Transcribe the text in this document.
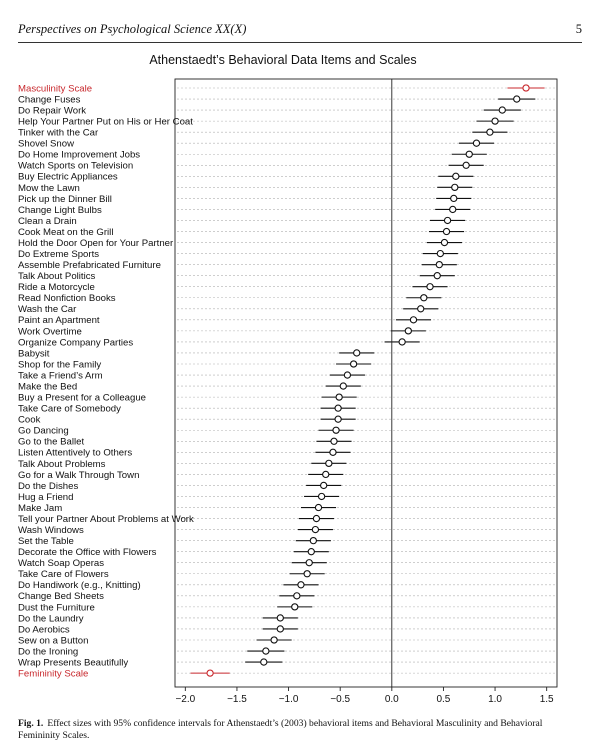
Perspectives on Psychological Science XX(X)	5
Athenstaedt’s Behavioral Data Items and Scales
Masculinity Scale
Change Fuses
Do Repair Work
Help Your Partner Put on His or Her Coat
Tinker with the Car
Shovel Snow
Do Home Improvement Jobs
Watch Sports on Television
Buy Electric Appliances
Mow the Lawn
Pick up the Dinner Bill
Change Light Bulbs
Clean a Drain
Cook Meat on the Grill
Hold the Door Open for Your Partner
Do Extreme Sports
Assemble Prefabricated Furniture
Talk About Politics
Ride a Motorcycle
Read Nonfiction Books
Wash the Car
Paint an Apartment
Work Overtime
Organize Company Parties
Babysit
Shop for the Family
Take a Friend’s Arm
Make the Bed
Buy a Present for a Colleague
Take Care of Somebody
Cook
Go Dancing
Go to the Ballet
Listen Attentively to Others
Talk About Problems
Go for a Walk Through Town
Do the Dishes
Hug a Friend
Make Jam
Tell your Partner About Problems at Work
Wash Windows
Set the Table
Decorate the Office with Flowers
Watch Soap Operas
Take Care of Flowers
Do Handiwork (e.g., Knitting)
Change Bed Sheets
Dust the Furniture
Do the Laundry
Do Aerobics
Sew on a Button
Do the Ironing
Wrap Presents Beautifully
Femininity Scale
−2.0	−1.5	−1.0	−0.5	0.0	0.5	1.0	1.5
Fig. 1. Effect sizes with 95% confidence intervals for Athenstaedt’s (2003) behavioral items and Behavioral Masculinity and Behavioral Femininity Scales.
